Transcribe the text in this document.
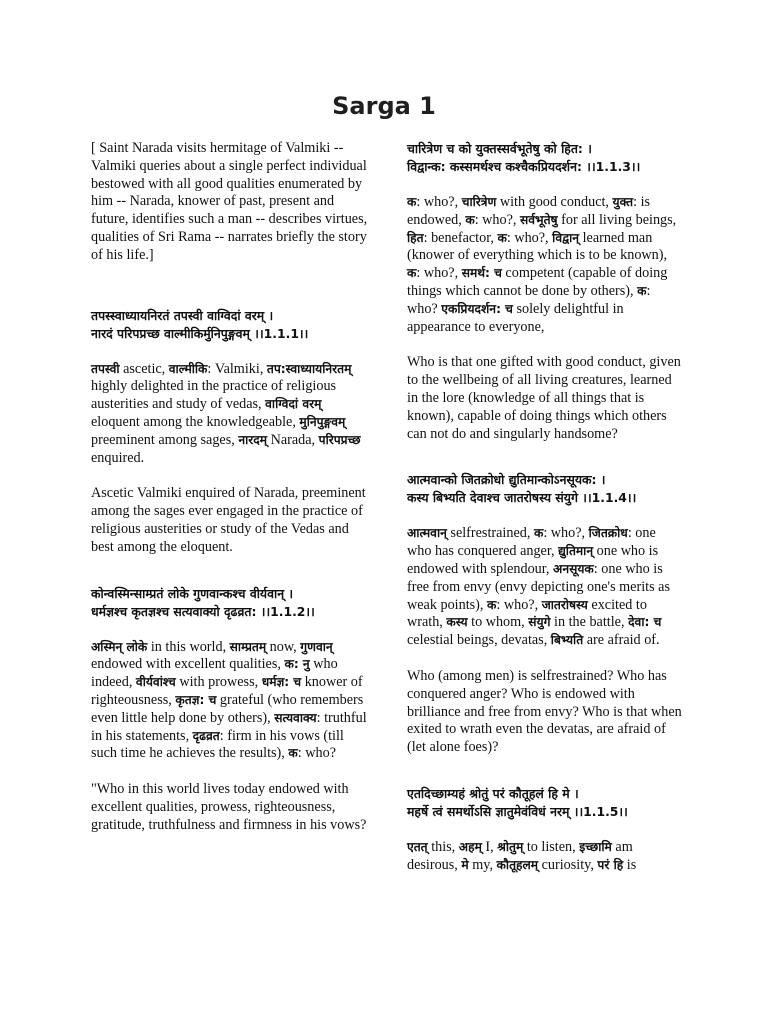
Sarga 1

[ Saint Narada visits hermitage of Valmiki -- Valmiki queries about a single perfect individual bestowed with all good qualities enumerated by him -- Narada, knower of past, present and future, identifies such a man -- describes virtues, qualities of Sri Rama -- narrates briefly the story of his life.]

तपस्स्वाध्यायनिरतं तपस्वी वाग्विदां वरम् ।
नारदं परिपप्रच्छ वाल्मीकिर्मुनिपुङ्गवम् ।।1.1.1।।

तपस्वी ascetic, वाल्मीकि: Valmiki, तप:स्वाध्यायनिरतम् highly delighted in the practice of religious austerities and study of vedas, वाग्विदां वरम् eloquent among the knowledgeable, मुनिपुङ्गवम् preeminent among sages, नारदम् Narada, परिपप्रच्छ enquired.

Ascetic Valmiki enquired of Narada, preeminent among the sages ever engaged in the practice of religious austerities or study of the Vedas and best among the eloquent.

कोन्वस्मिन्साम्प्रतं लोके गुणवान्कश्च वीर्यवान् ।
धर्मज्ञश्च कृतज्ञश्च सत्यवाक्यो दृढव्रत: ।।1.1.2।।

अस्मिन् लोके in this world, साम्प्रतम् now, गुणवान् endowed with excellent qualities, क: नु who indeed, वीर्यवांश्च with prowess, धर्मज्ञ: च knower of righteousness, कृतज्ञ: च grateful (who remembers even little help done by others), सत्यवाक्य: truthful in his statements, दृढव्रत: firm in his vows (till such time he achieves the results), क: who?

"Who in this world lives today endowed with excellent qualities, prowess, righteousness, gratitude, truthfulness and firmness in his vows?

चारित्रेण च को युक्तस्सर्वभूतेषु को हित: ।
विद्वान्क: कस्समर्थश्च कश्चैकप्रियदर्शन: ।।1.1.3।।

क: who?, चारित्रेण with good conduct, युक्त: is endowed, क: who?, सर्वभूतेषु for all living beings, हित: benefactor, क: who?, विद्वान् learned man (knower of everything which is to be known), क: who?, समर्थ: च competent (capable of doing things which cannot be done by others), क: who? एकप्रियदर्शन: च solely delightful in appearance to everyone,

Who is that one gifted with good conduct, given to the wellbeing of all living creatures, learned in the lore (knowledge of all things that is known), capable of doing things which others can not do and singularly handsome?

आत्मवान्को जितक्रोधो द्युतिमान्कोऽनसूयक: ।
कस्य बिभ्यति देवाश्च जातरोषस्य संयुगे ।।1.1.4।।

आत्मवान् selfrestrained, क: who?, जितक्रोध: one who has conquered anger, द्युतिमान् one who is endowed with splendour, अनसूयक: one who is free from envy (envy depicting one's merits as weak points), क: who?, जातरोषस्य excited to wrath, कस्य to whom, संयुगे in the battle, देवा: च celestial beings, devatas, बिभ्यति are afraid of.

Who (among men) is selfrestrained? Who has conquered anger? Who is endowed with brilliance and free from envy? Who is that when exited to wrath even the devatas, are afraid of (let alone foes)?

एतदिच्छाम्यहं श्रोतुं परं कौतूहलं हि मे ।
महर्षे त्वं समर्थोऽसि ज्ञातुमेवंविधं नरम् ।।1.1.5।।

एतत् this, अहम् I, श्रोतुम् to listen, इच्छामि am desirous, मे my, कौतूहलम् curiosity, परं हि is
